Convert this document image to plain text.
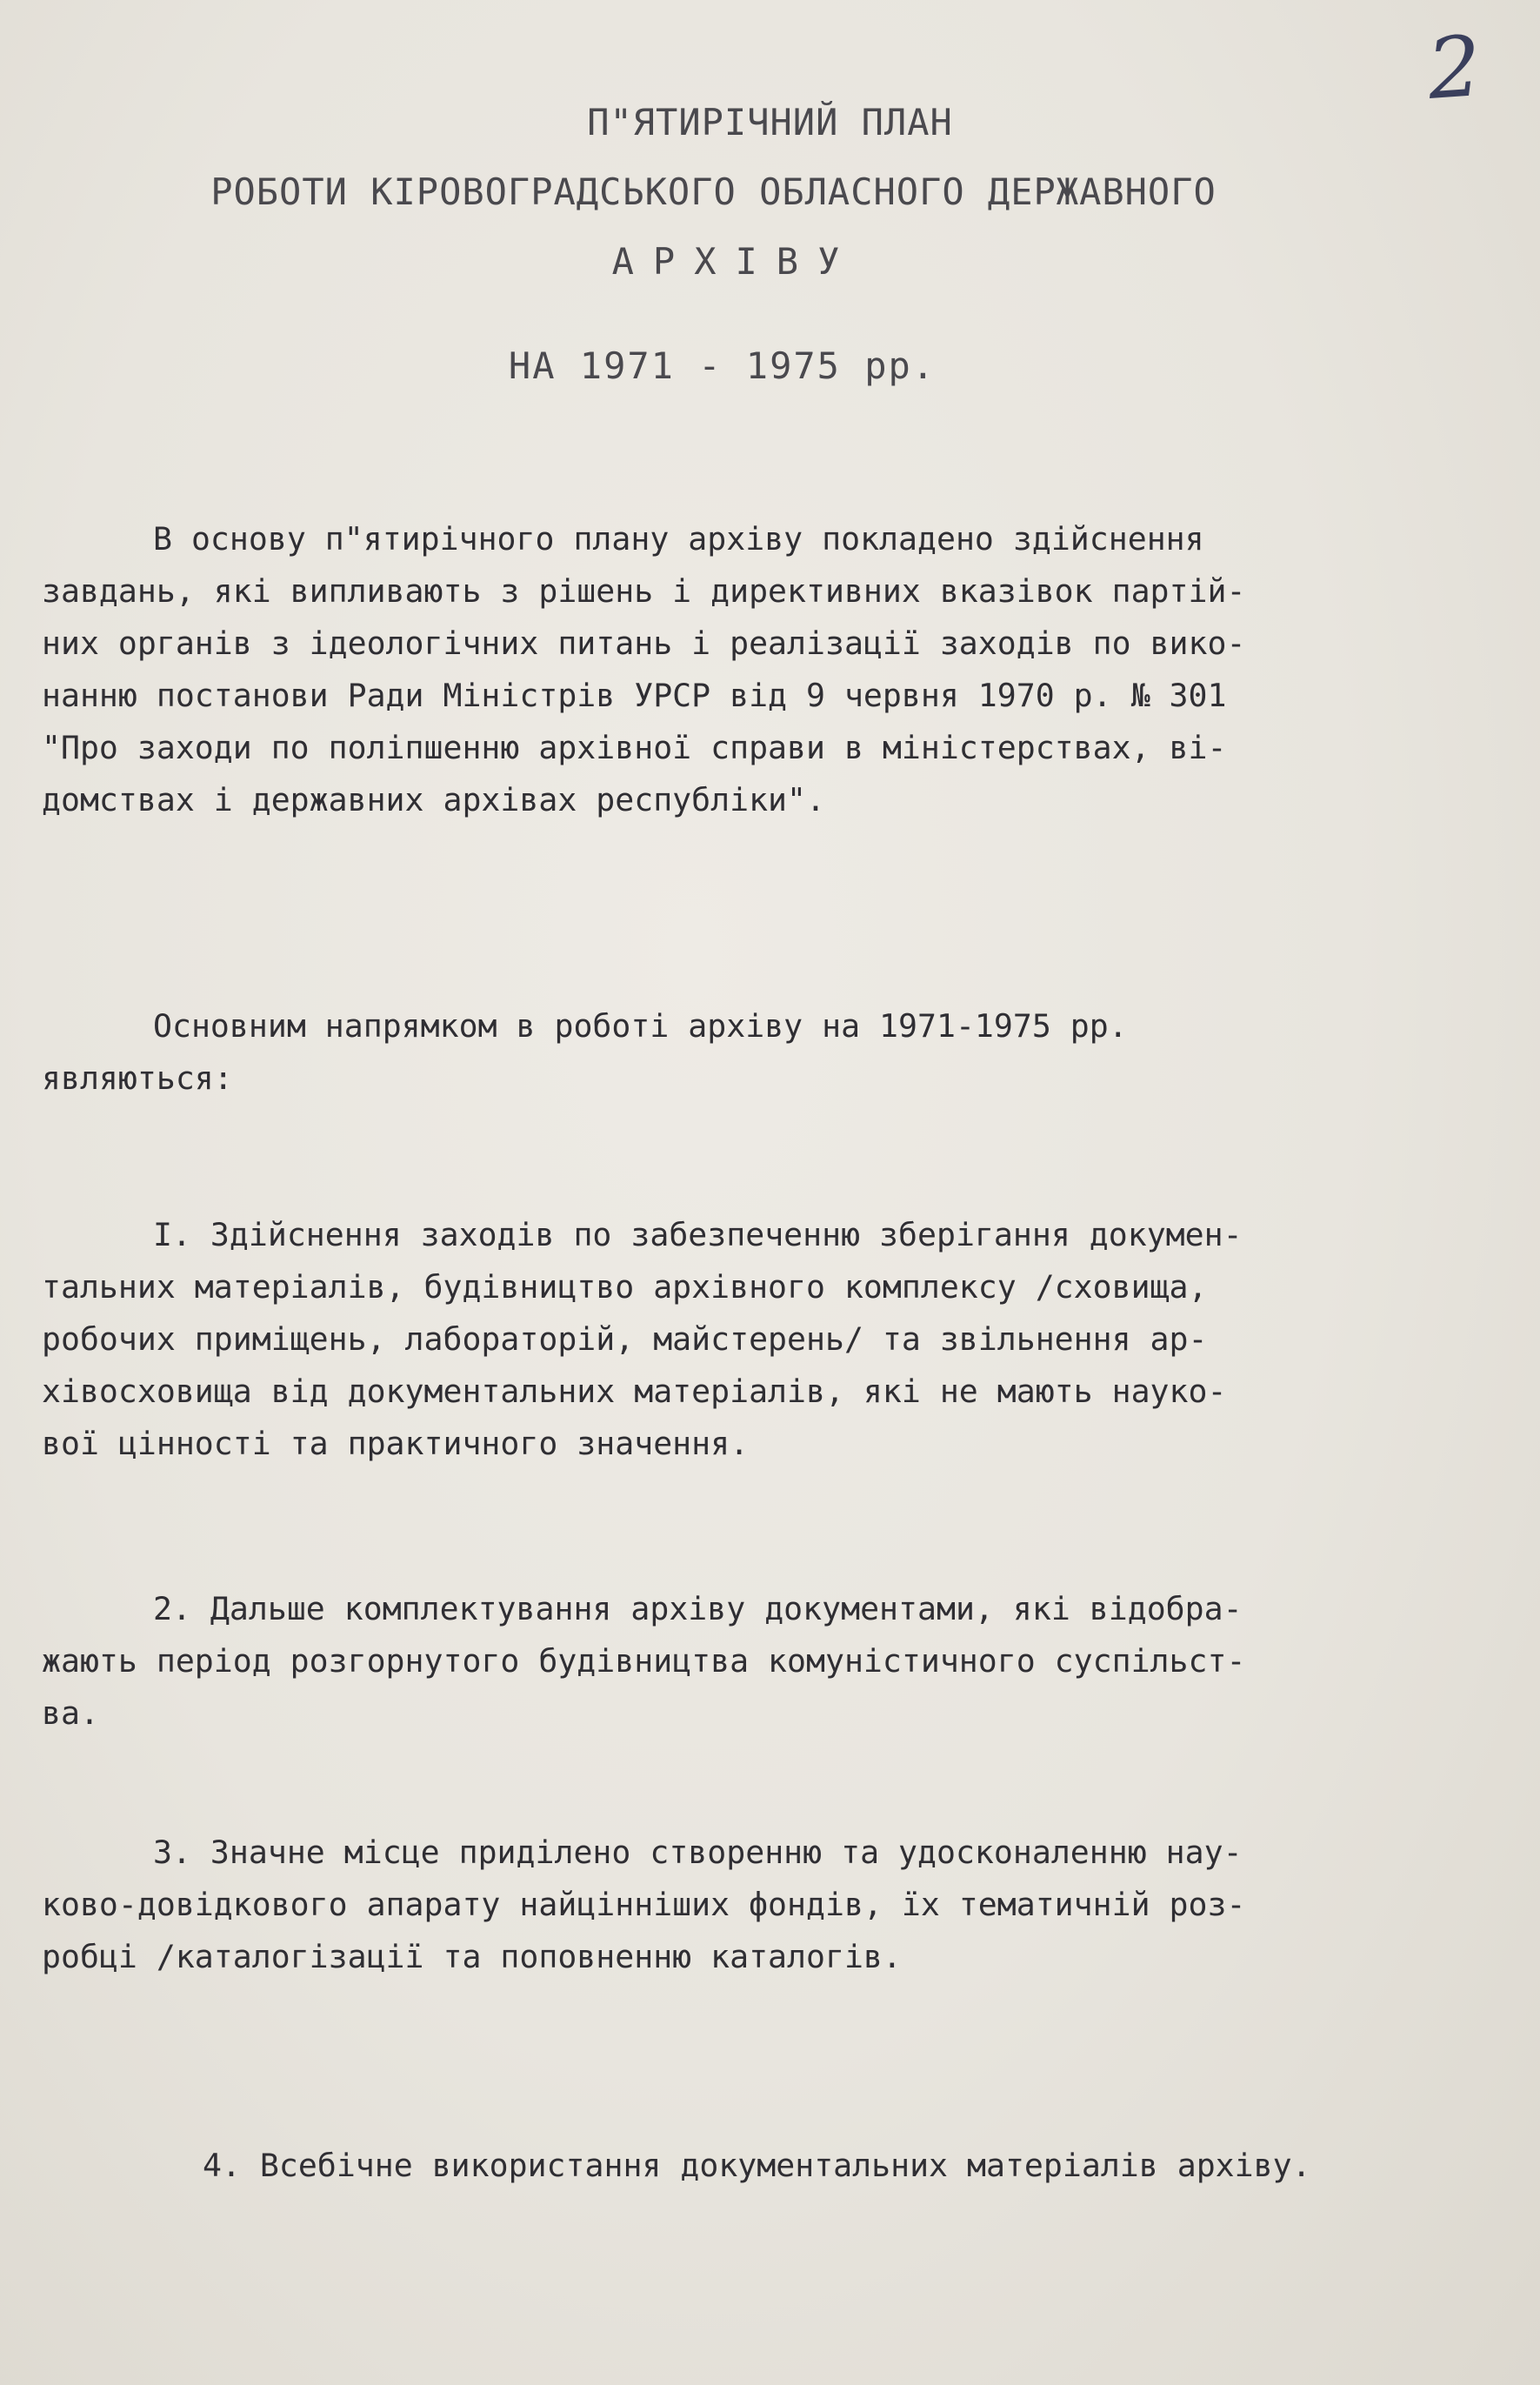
2
П"ЯТИРІЧНИЙ ПЛАН
РОБОТИ КІРОВОГРАДСЬКОГО ОБЛАСНОГО ДЕРЖАВНОГО
АРХІВУ
НА 1971 - 1975 рр.
В основу п"ятирічного плану архіву покладено здійснення
завдань, які випливають з рішень і директивних вказівок партій-
них органів з ідеологічних питань і реалізації заходів по вико-
нанню постанови Ради Міністрів УРСР від 9 червня 1970 р. № 301
"Про заходи по поліпшенню архівної справи в міністерствах, ві-
домствах і державних архівах республіки".
Основним напрямком в роботі архіву на 1971-1975 рр.
являються:
І. Здійснення заходів по забезпеченню зберігання докумен-
тальних матеріалів, будівництво архівного комплексу /сховища,
робочих приміщень, лабораторій, майстерень/ та звільнення ар-
хівосховища від документальних матеріалів, які не мають науко-
вої цінності та практичного значення.
2. Дальше комплектування архіву документами, які відобра-
жають період розгорнутого будівництва комуністичного суспільст-
ва.
3. Значне місце приділено створенню та удосконаленню нау-
ково-довідкового апарату найцінніших фондів, їх тематичній роз-
робці /каталогізації та поповненню каталогів.
4. Всебічне використання документальних матеріалів архіву.
